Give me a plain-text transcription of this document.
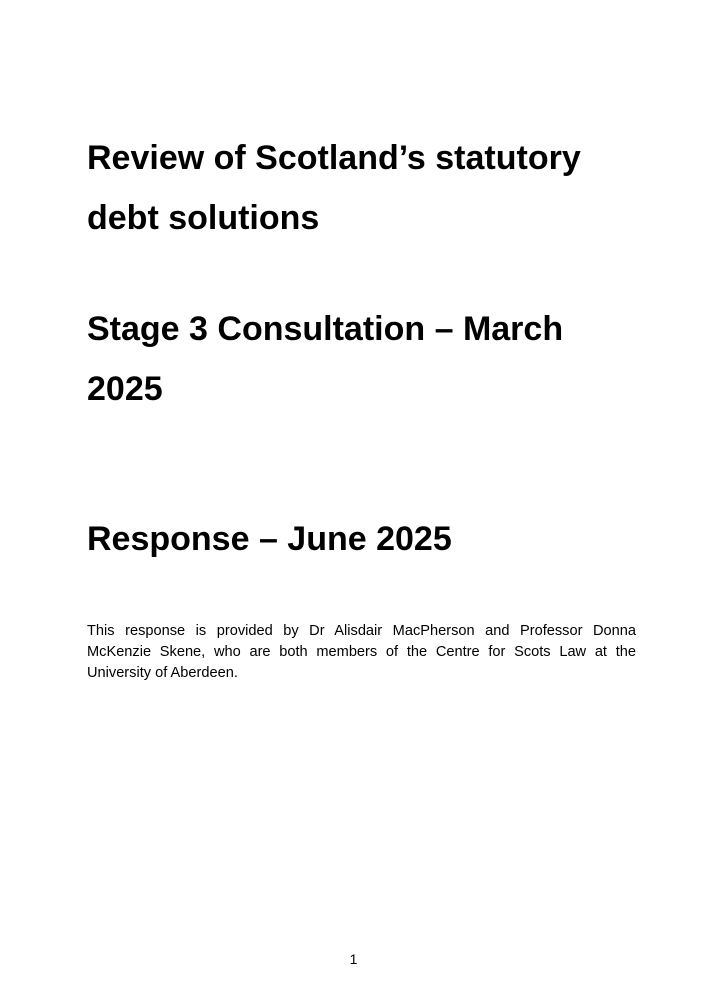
Review of Scotland’s statutory
debt solutions
Stage 3 Consultation – March
2025
Response – June 2025

This response is provided by Dr Alisdair MacPherson and Professor Donna McKenzie Skene, who are both members of the Centre for Scots Law at the University of Aberdeen.

1
